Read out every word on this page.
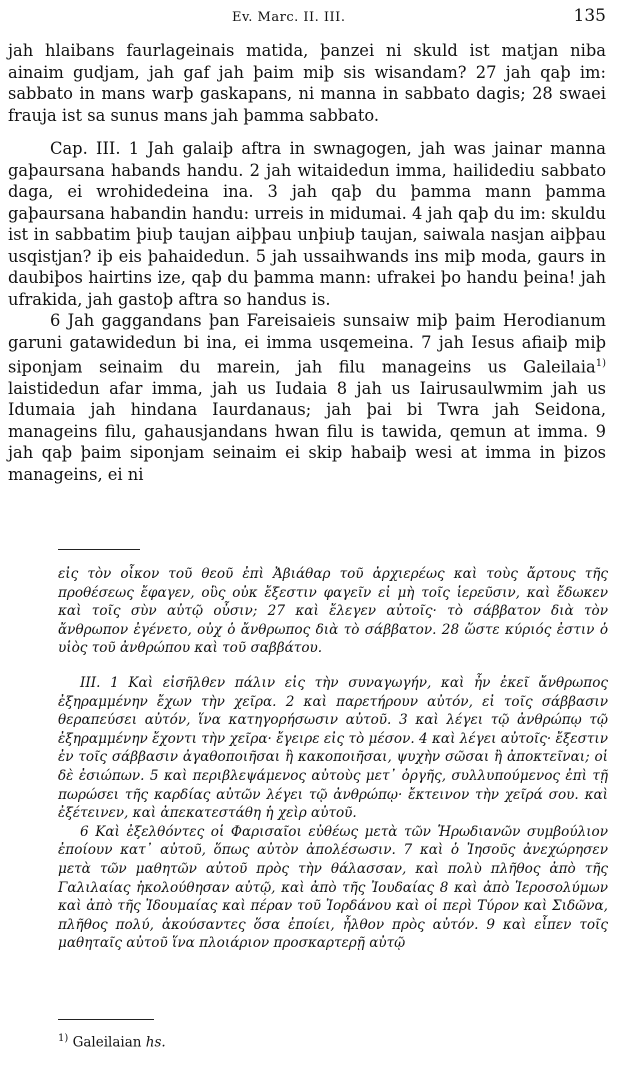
Ev. Marc. II. III.	135

jah hlaibans faurlageinais matida, þanzei ni skuld ist matjan niba ainaim gudjam, jah gaf jah þaim miþ sis wisandam? 27 jah qaþ im: sabbato in mans warþ gaskapans, ni manna in sabbato dagis; 28 swaei frauja ist sa sunus mans jah þamma sabbato.

Cap. III. 1 Jah galaiþ aftra in swnagogen, jah was jainar manna gaþaursana habands handu. 2 jah witaidedun imma, hailidediu sabbato daga, ei wrohidedeina ina. 3 jah qaþ du þamma mann þamma gaþaursana habandin handu: urreis in midumai. 4 jah qaþ du im: skuldu ist in sabbatim þiuþ taujan aiþþau unþiuþ taujan, saiwala nasjan aiþþau usqistjan? iþ eis þahaidedun. 5 jah ussaihwands ins miþ moda, gaurs in daubiþos hairtins ize, qaþ du þamma mann: ufrakei þo handu þeina! jah ufrakida, jah gastoþ aftra so handus is.

6 Jah gaggandans þan Fareisaieis sunsaiw miþ þaim Herodianum garuni gatawidedun bi ina, ei imma usqemeina. 7 jah Iesus afiaiþ miþ siponjam seinaim du marein, jah filu manageins us Galeilaia$^{1)}$ laistidedun afar imma, jah us Iudaia 8 jah us Iairusaulwmim jah us Idumaia jah hindana Iaurdanaus; jah þai bi Twra jah Seidona, manageins filu, gahausjandans hwan filu is tawida, qemun at imma. 9 jah qaþ þaim siponjam seinaim ei skip habaiþ wesi at imma in þizos manageins, ei ni

εἰς τὸν οἶκον τοῦ θεοῦ ἐπὶ Ἀβιάθαρ τοῦ ἀρχιερέως καὶ τοὺς ἄρτους τῆς προθέσεως ἔφαγεν, οὓς οὐκ ἔξεστιν φαγεῖν εἰ μὴ τοῖς ἱερεῦσιν, καὶ ἔδωκεν καὶ τοῖς σὺν αὐτῷ οὖσιν; 27 καὶ ἔλεγεν αὐτοῖς· τὸ σάββατον διὰ τὸν ἄνθρωπον ἐγένετο, οὐχ ὁ ἄνθρωπος διὰ τὸ σάββατον. 28 ὥστε κύριός ἐστιν ὁ υἱὸς τοῦ ἀνθρώπου καὶ τοῦ σαββάτου.

III. 1 Καὶ εἰσῆλθεν πάλιν εἰς τὴν συναγωγήν, καὶ ἦν ἐκεῖ ἄνθρωπος ἐξηραμμένην ἔχων τὴν χεῖρα. 2 καὶ παρετήρουν αὐτόν, εἰ τοῖς σάββασιν θεραπεύσει αὐτόν, ἵνα κατηγορήσωσιν αὐτοῦ. 3 καὶ λέγει τῷ ἀνθρώπῳ τῷ ἐξηραμμένην ἔχοντι τὴν χεῖρα· ἔγειρε εἰς τὸ μέσον. 4 καὶ λέγει αὐτοῖς· ἔξεστιν ἐν τοῖς σάββασιν ἀγαθοποιῆσαι ἢ κακοποιῆσαι, ψυχὴν σῶσαι ἢ ἀποκτεῖναι; οἱ δὲ ἐσιώπων. 5 καὶ περιβλεψάμενος αὐτοὺς μετ᾽ ὀργῆς, συλλυπούμενος ἐπὶ τῇ πωρώσει τῆς καρδίας αὐτῶν λέγει τῷ ἀνθρώπῳ· ἔκτεινον τὴν χεῖρά σου. καὶ ἐξέτεινεν, καὶ ἀπεκατεστάθη ἡ χεὶρ αὐτοῦ.

6 Καὶ ἐξελθόντες οἱ Φαρισαῖοι εὐθέως μετὰ τῶν Ἡρωδιανῶν συμβούλιον ἐποίουν κατ᾽ αὐτοῦ, ὅπως αὐτὸν ἀπολέσωσιν. 7 καὶ ὁ Ἰησοῦς ἀνεχώρησεν μετὰ τῶν μαθητῶν αὐτοῦ πρὸς τὴν θάλασσαν, καὶ πολὺ πλῆθος ἀπὸ τῆς Γαλιλαίας ἠκολούθησαν αὐτῷ, καὶ ἀπὸ τῆς Ἰουδαίας 8 καὶ ἀπὸ Ἱεροσολύμων καὶ ἀπὸ τῆς Ἰδουμαίας καὶ πέραν τοῦ Ἰορδάνου καὶ οἱ περὶ Τύρον καὶ Σιδῶνα, πλῆθος πολύ, ἀκούσαντες ὅσα ἐποίει, ἦλθον πρὸς αὐτόν. 9 καὶ εἶπεν τοῖς μαθηταῖς αὐτοῦ ἵνα πλοιάριον προσκαρτερῇ αὐτῷ

$^{1)}$ Galeilaian hs.
